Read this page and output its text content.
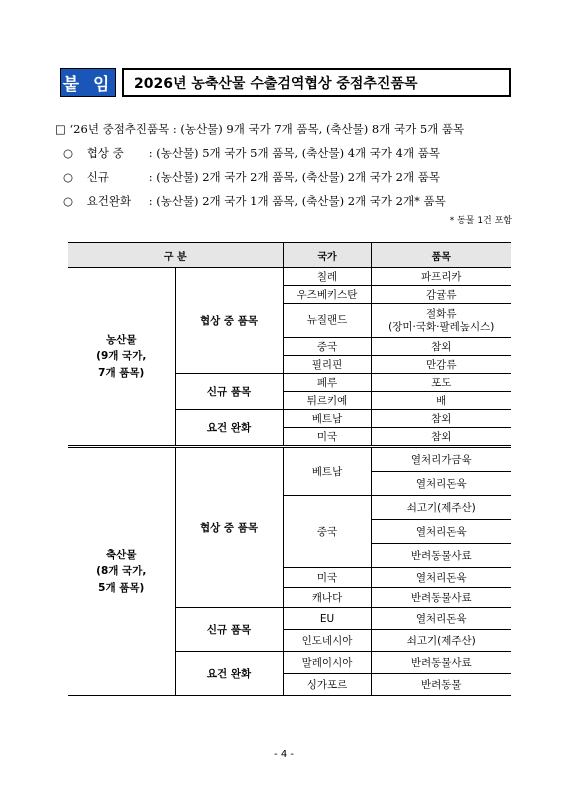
붙 임	2026년 농축산물 수출검역협상 중점추진품목
□ ‘26년 중점추진품목 : (농산물) 9개 국가 7개 품목, (축산물) 8개 국가 5개 품목
○ 협상 중 : (농산물) 5개 국가 5개 품목, (축산물) 4개 국가 4개 품목
○ 신규	: (농산물) 2개 국가 2개 품목, (축산물) 2개 국가 2개 품목
○ 요건완화 : (농산물) 2개 국가 1개 품목, (축산물) 2개 국가 2개* 품목
* 동물 1건 포함
구 분		국가	품목
농산물
(9개 국가,
7개 품목)	협상 중 품목	칠레	파프리카
		우즈베키스탄	감귤류
		뉴질랜드	절화류
(장미·국화·팔레높시스)
		중국	참외
		필리핀	만감류
	신규 품목	페루	포도
		튀르키예	배
	요건 완화	베트남	참외
		미국	참외
축산물
(8개 국가,
5개 품목)	협상 중 품목	베트남	열처리가금육
			열처리돈육
		중국	쇠고기(제주산)
			열처리돈육
			반려동물사료
		미국	열처리돈육
		캐나다	반려동물사료
	신규 품목	EU	열처리돈육
		인도네시아	쇠고기(제주산)
	요건 완화	말레이시아	반려동물사료
		싱가포르	반려동물
- 4 -
